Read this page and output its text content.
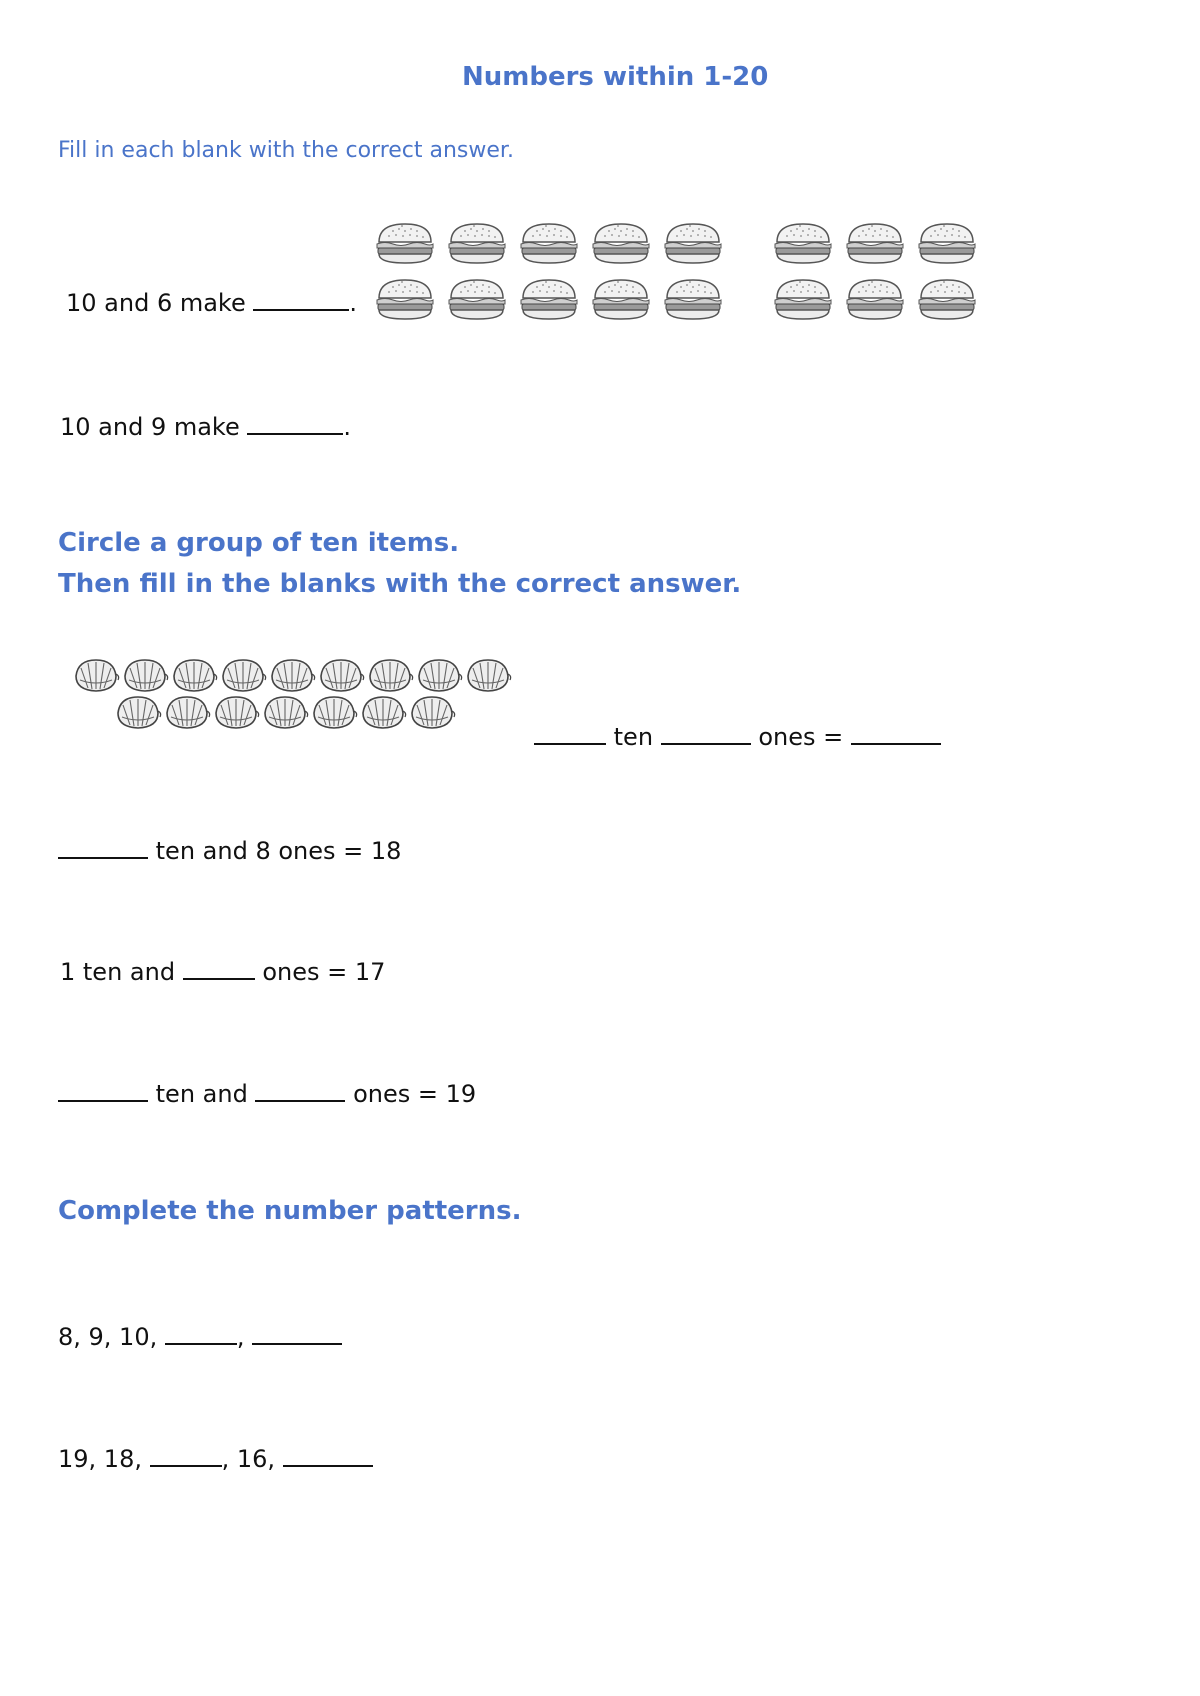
Numbers within 1-20
Fill in each blank with the correct answer.
10 and 6 make	.
10 and 9 make	.
Circle a group of ten items.
Then fill in the blanks with the correct answer.
ten	ones =
ten and 8 ones = 18
1 ten and	ones = 17
ten and	ones = 19
Complete the number patterns.
8, 9, 10,	,
19, 18,	, 16,
